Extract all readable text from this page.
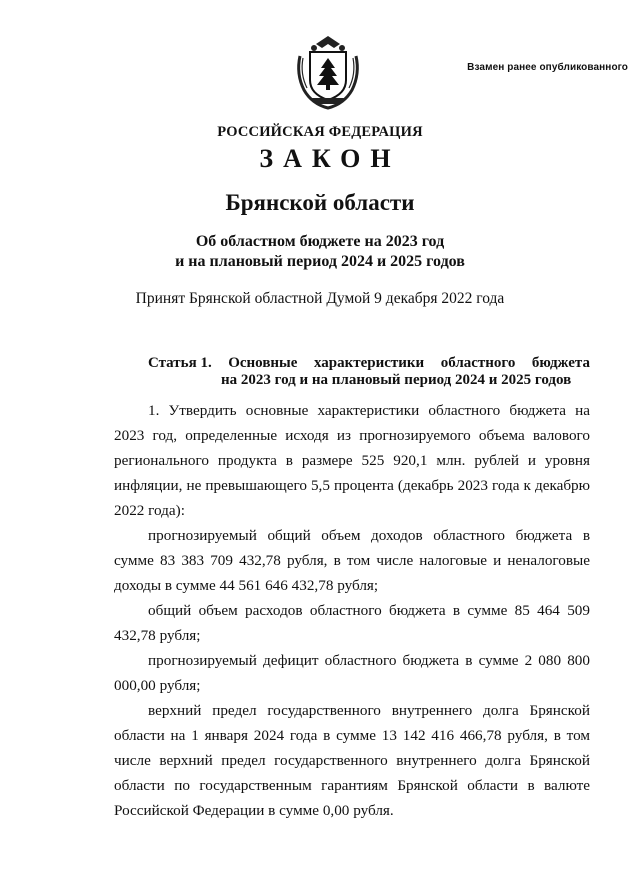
Взамен ранее опубликованного
РОССИЙСКАЯ ФЕДЕРАЦИЯ
ЗАКОН
Брянской области
Об областном бюджете на 2023 год
и на плановый период 2024 и 2025 годов
Принят Брянской областной Думой 9 декабря 2022 года
Статья 1. Основные характеристики областного бюджета
на 2023 год и на плановый период 2024 и 2025 годов

1. Утвердить основные характеристики областного бюджета на 2023 год, определенные исходя из прогнозируемого объема валового регионального продукта в размере 525 920,1 млн. рублей и уровня инфляции, не превышающего 5,5 процента (декабрь 2023 года к декабрю 2022 года):

прогнозируемый общий объем доходов областного бюджета в сумме 83 383 709 432,78 рубля, в том числе налоговые и неналоговые доходы в сумме 44 561 646 432,78 рубля;

общий объем расходов областного бюджета в сумме 85 464 509 432,78 рубля;

прогнозируемый дефицит областного бюджета в сумме 2 080 800 000,00 рубля;

верхний предел государственного внутреннего долга Брянской области на 1 января 2024 года в сумме 13 142 416 466,78 рубля, в том числе верхний предел государственного внутреннего долга Брянской области по государственным гарантиям Брянской области в валюте Российской Федерации в сумме 0,00 рубля.
